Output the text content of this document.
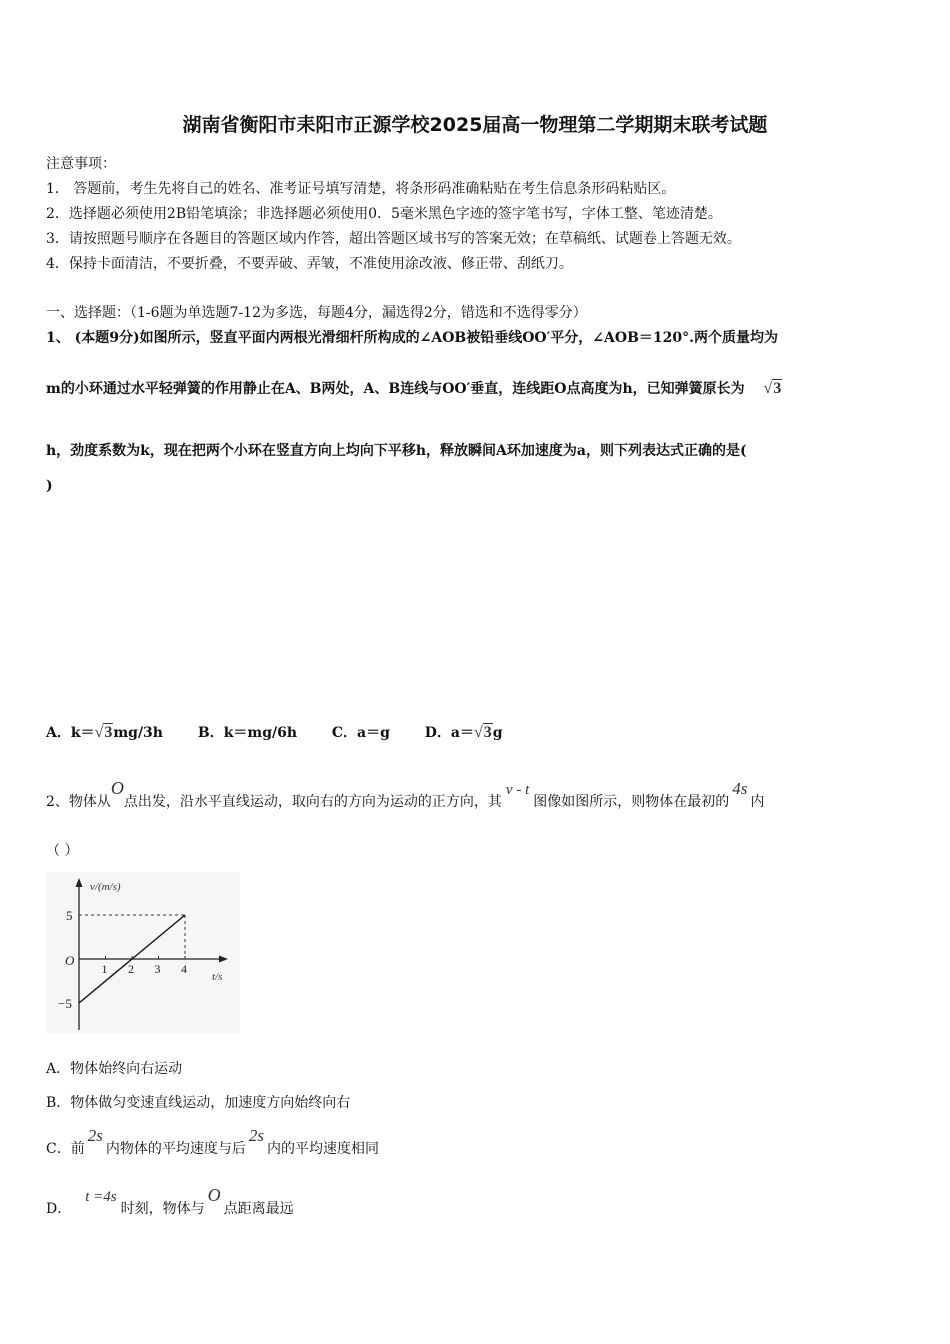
湖南省衡阳市耒阳市正源学校2025届高一物理第二学期期末联考试题
注意事项：
1． 答题前，考生先将自己的姓名、准考证号填写清楚，将条形码准确粘贴在考生信息条形码粘贴区。
2．选择题必须使用2B铅笔填涂；非选择题必须使用0．5毫米黑色字迹的签字笔书写，字体工整、笔迹清楚。
3．请按照题号顺序在各题目的答题区域内作答，超出答题区域书写的答案无效；在草稿纸、试题卷上答题无效。
4．保持卡面清洁，不要折叠，不要弄破、弄皱，不准使用涂改液、修正带、刮纸刀。
一、选择题：（1-6题为单选题7-12为多选，每题4分，漏选得2分，错选和不选得零分）
1、 (本题9分)如图所示，竖直平面内两根光滑细杆所构成的∠AOB被铅垂线OO′平分，∠AOB＝120°.两个质量均为
m的小环通过水平轻弹簧的作用静止在A、B两处，A、B连线与OO′垂直，连线距O点高度为h，已知弹簧原长为 √3
h，劲度系数为k，现在把两个小环在竖直方向上均向下平移h，释放瞬间A环加速度为a，则下列表达式正确的是(
)
A．k＝√3mg/3h B．k＝mg/6h C．a＝g D．a＝√3g
2、物体从O点出发，沿水平直线运动，取向右的方向为运动的正方向，其v - t图像如图所示，则物体在最初的4s内
（ ）
v/(m/s)
t/s
O
1 2 3 4
5
−5
A．物体始终向右运动
B．物体做匀变速直线运动，加速度方向始终向右
C．前2s内物体的平均速度与后2s内的平均速度相同
D．t =4s时刻，物体与O点距离最远
